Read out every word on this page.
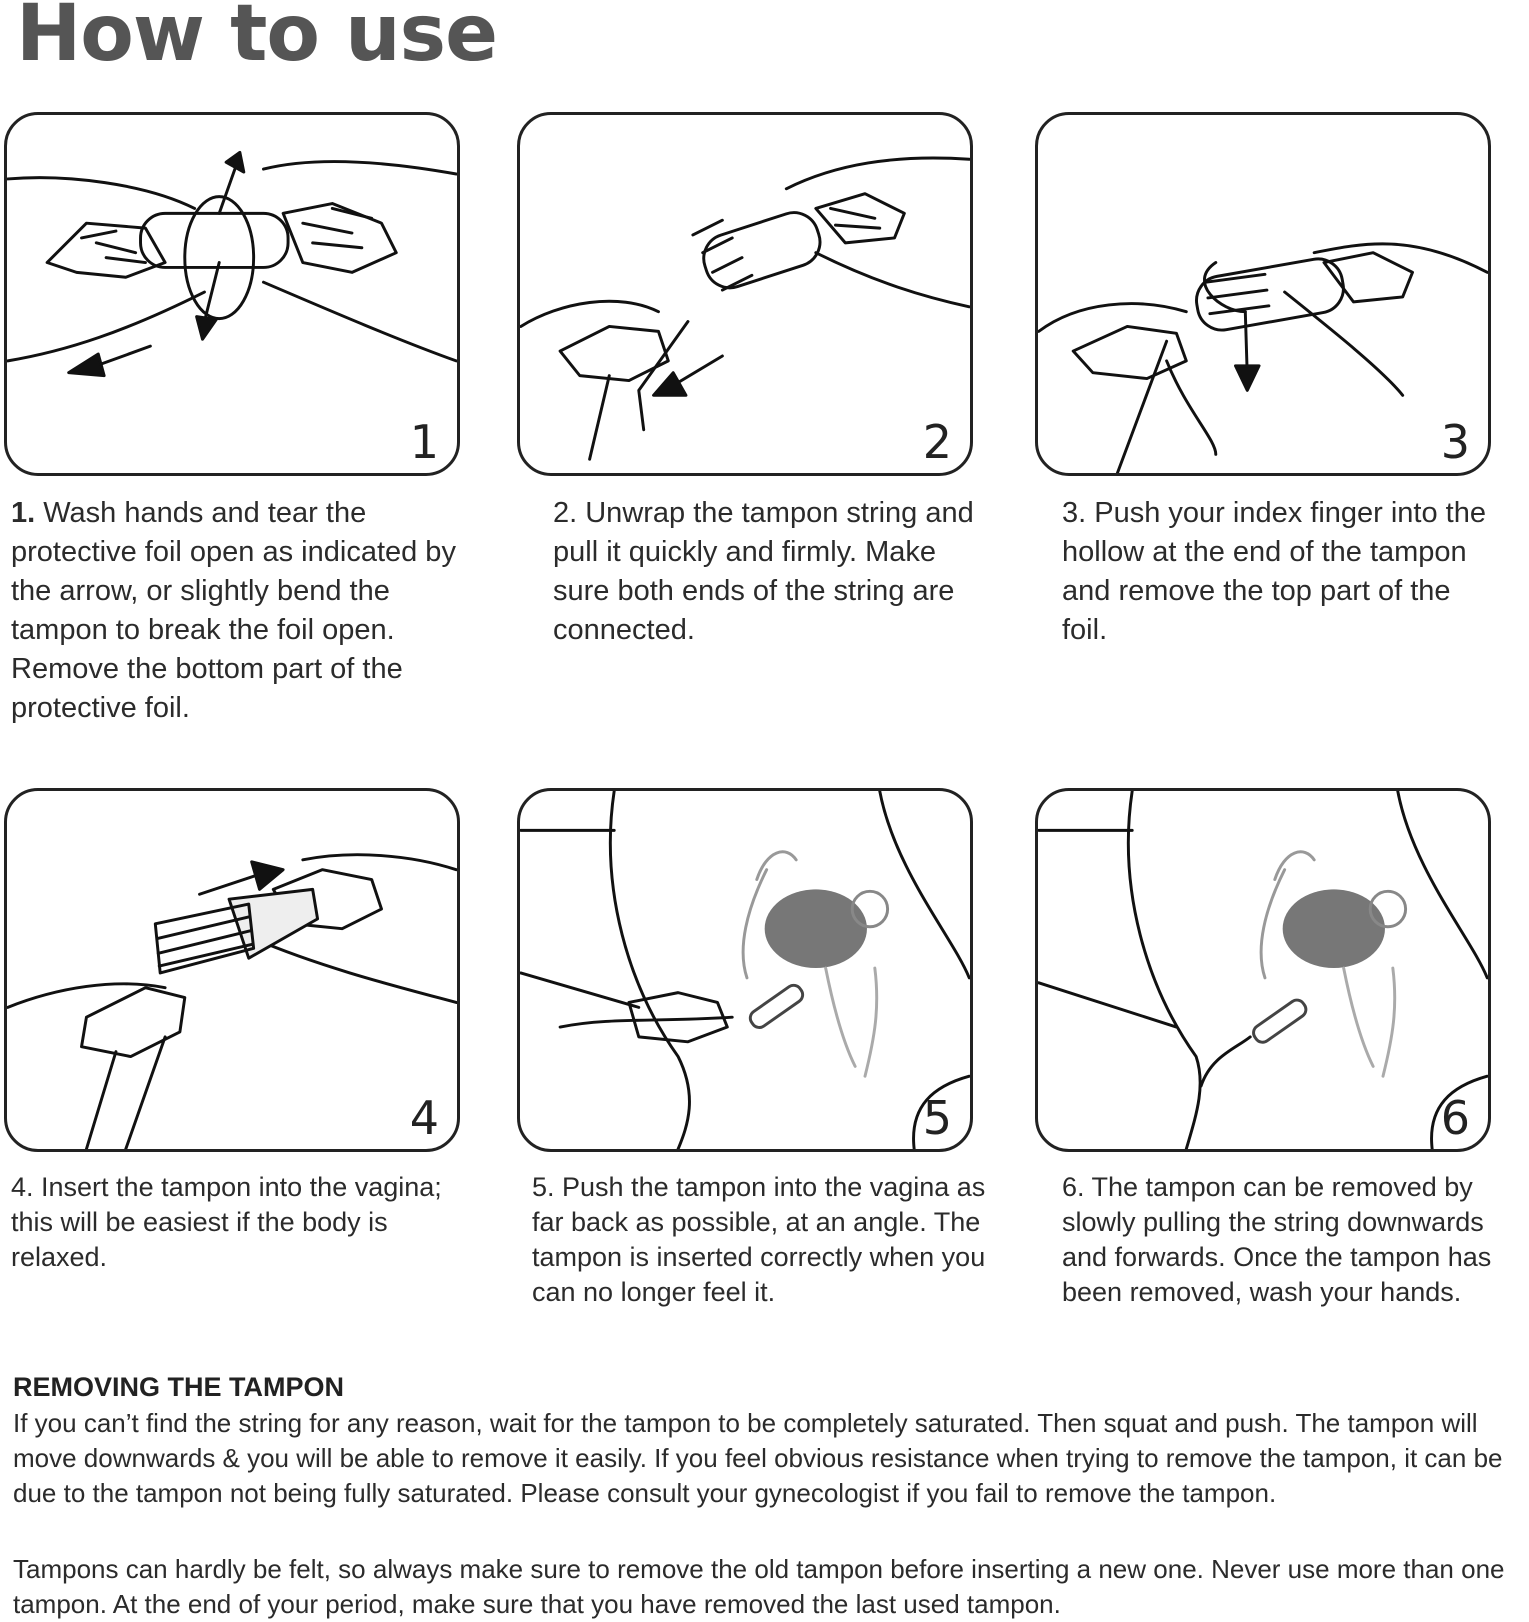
How to use
1	2	3
1. Wash hands and tear the protective foil open as indicated by the arrow, or slightly bend the tampon to break the foil open. Remove the bottom part of the protective foil.
2. Unwrap the tampon string and pull it quickly and firmly. Make sure both ends of the string are connected.
3. Push your index finger into the hollow at the end of the tampon and remove the top part of the foil.
4	5	6
4. Insert the tampon into the vagina; this will be easiest if the body is relaxed.
5. Push the tampon into the vagina as far back as possible, at an angle. The tampon is inserted correctly when you can no longer feel it.
6. The tampon can be removed by slowly pulling the string downwards and forwards. Once the tampon has been removed, wash your hands.
REMOVING THE TAMPON
If you can’t find the string for any reason, wait for the tampon to be completely saturated. Then squat and push. The tampon will move downwards & you will be able to remove it easily. If you feel obvious resistance when trying to remove the tampon, it can be due to the tampon not being fully saturated. Please consult your gynecologist if you fail to remove the tampon.
Tampons can hardly be felt, so always make sure to remove the old tampon before inserting a new one. Never use more than one tampon. At the end of your period, make sure that you have removed the last used tampon.
